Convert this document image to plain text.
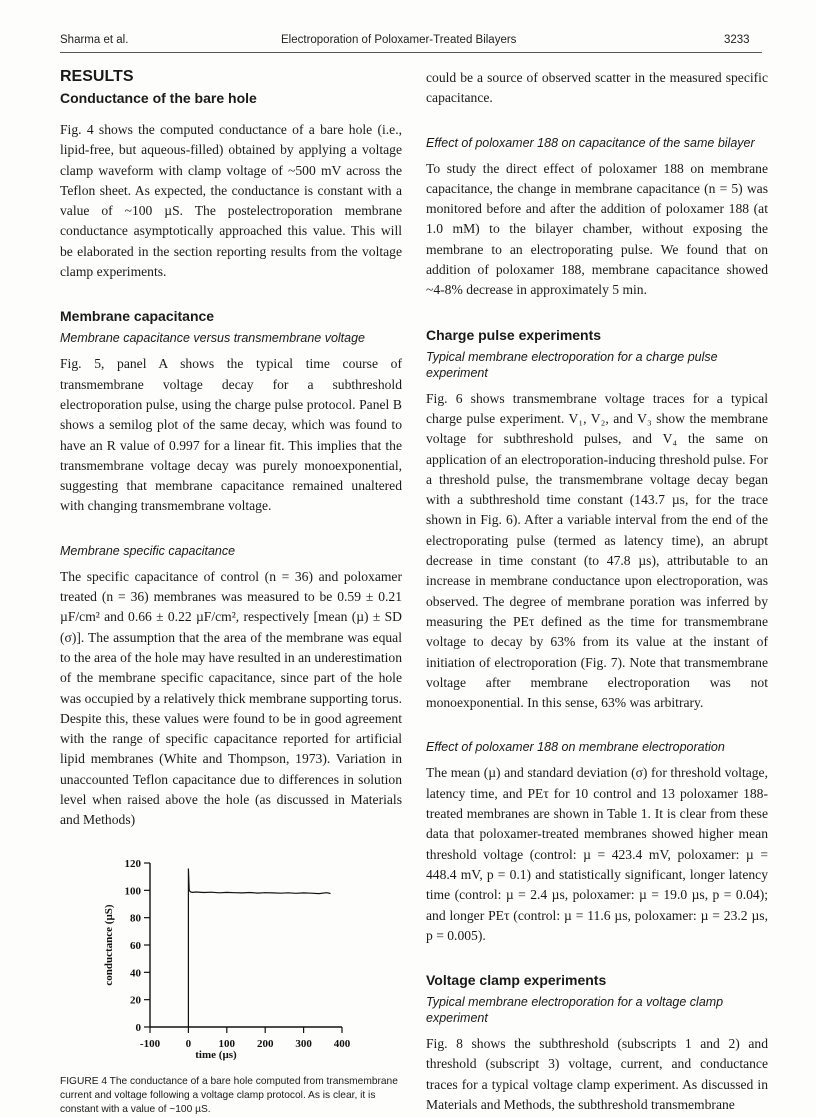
Sharma et al.	Electroporation of Poloxamer-Treated Bilayers	3233
RESULTS
Conductance of the bare hole

Fig. 4 shows the computed conductance of a bare hole (i.e., lipid-free, but aqueous-filled) obtained by applying a voltage clamp waveform with clamp voltage of ~500 mV across the Teflon sheet. As expected, the conductance is constant with a value of ~100 µS. The postelectroporation membrane conductance asymptotically approached this value. This will be elaborated in the section reporting results from the voltage clamp experiments.

Membrane capacitance
Membrane capacitance versus transmembrane voltage

Fig. 5, panel A shows the typical time course of transmembrane voltage decay for a subthreshold electroporation pulse, using the charge pulse protocol. Panel B shows a semilog plot of the same decay, which was found to have an R value of 0.997 for a linear fit. This implies that the transmembrane voltage decay was purely monoexponential, suggesting that membrane capacitance remained unaltered with changing transmembrane voltage.

Membrane specific capacitance

The specific capacitance of control (n = 36) and poloxamer treated (n = 36) membranes was measured to be 0.59 ± 0.21 µF/cm² and 0.66 ± 0.22 µF/cm², respectively [mean (µ) ± SD (σ)]. The assumption that the area of the membrane was equal to the area of the hole may have resulted in an underestimation of the membrane specific capacitance, since part of the hole was occupied by a relatively thick membrane supporting torus. Despite this, these values were found to be in good agreement with the range of specific capacitance reported for artificial lipid membranes (White and Thompson, 1973). Variation in unaccounted Teflon capacitance due to differences in solution level when raised above the hole (as discussed in Materials and Methods)

0
20
40
60
80
100
120
-100 0 100 200 300 400
time (µs)
conductance (µS)
FIGURE 4 The conductance of a bare hole computed from transmembrane current and voltage following a voltage clamp protocol. As is clear, it is constant with a value of ~100 µS.

could be a source of observed scatter in the measured specific capacitance.

Effect of poloxamer 188 on capacitance of the same bilayer

To study the direct effect of poloxamer 188 on membrane capacitance, the change in membrane capacitance (n = 5) was monitored before and after the addition of poloxamer 188 (at 1.0 mM) to the bilayer chamber, without exposing the membrane to an electroporating pulse. We found that on addition of poloxamer 188, membrane capacitance showed ~4-8% decrease in approximately 5 min.

Charge pulse experiments
Typical membrane electroporation for a charge pulse experiment

Fig. 6 shows transmembrane voltage traces for a typical charge pulse experiment. V₁, V₂, and V₃ show the membrane voltage for subthreshold pulses, and V₄ the same on application of an electroporation-inducing threshold pulse. For a threshold pulse, the transmembrane voltage decay began with a subthreshold time constant (143.7 µs, for the trace shown in Fig. 6). After a variable interval from the end of the electroporating pulse (termed as latency time), an abrupt decrease in time constant (to 47.8 µs), attributable to an increase in membrane conductance upon electroporation, was observed. The degree of membrane poration was inferred by measuring the PEτ defined as the time for transmembrane voltage to decay by 63% from its value at the instant of initiation of electroporation (Fig. 7). Note that transmembrane voltage after membrane electroporation was not monoexponential. In this sense, 63% was arbitrary.

Effect of poloxamer 188 on membrane electroporation

The mean (µ) and standard deviation (σ) for threshold voltage, latency time, and PEτ for 10 control and 13 poloxamer 188-treated membranes are shown in Table 1. It is clear from these data that poloxamer-treated membranes showed higher mean threshold voltage (control: µ = 423.4 mV, poloxamer: µ = 448.4 mV, p = 0.1) and statistically significant, longer latency time (control: µ = 2.4 µs, poloxamer: µ = 19.0 µs, p = 0.04); and longer PEτ (control: µ = 11.6 µs, poloxamer: µ = 23.2 µs, p = 0.005).

Voltage clamp experiments
Typical membrane electroporation for a voltage clamp experiment

Fig. 8 shows the subthreshold (subscripts 1 and 2) and threshold (subscript 3) voltage, current, and conductance traces for a typical voltage clamp experiment. As discussed in Materials and Methods, the subthreshold transmembrane
